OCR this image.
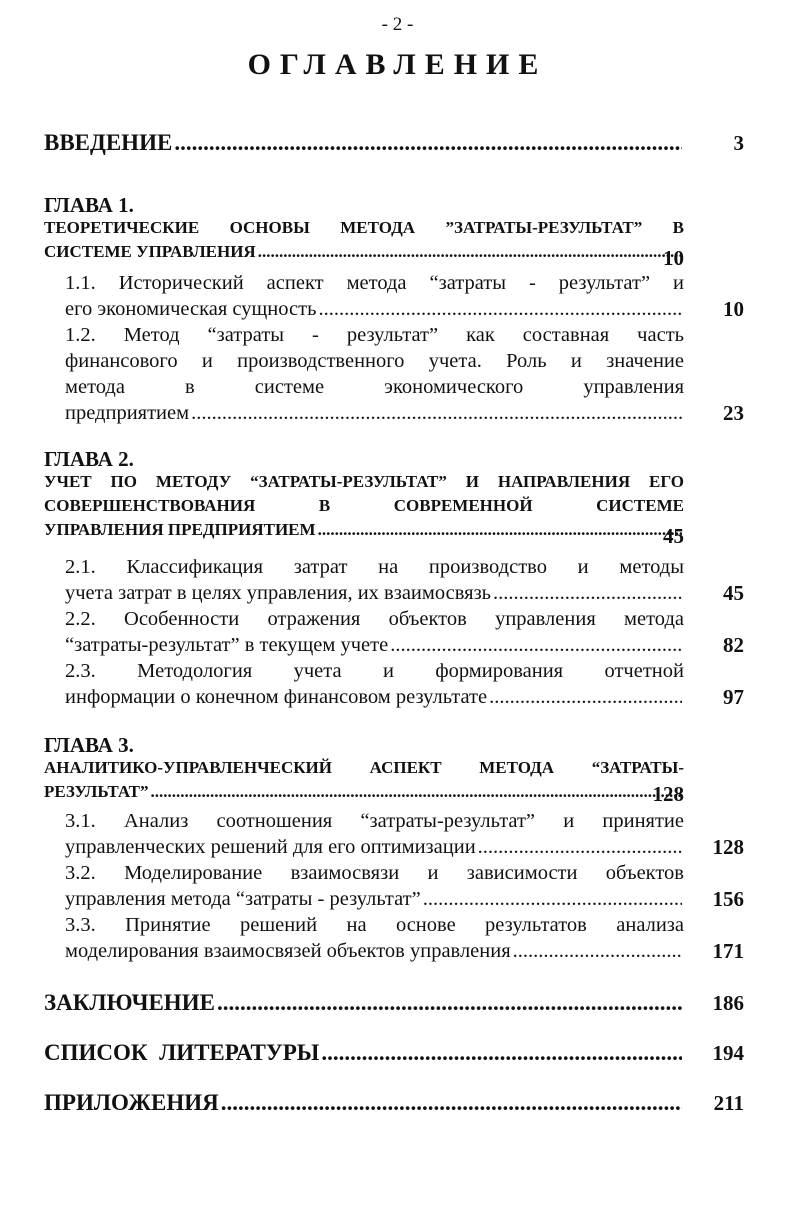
- 2 -
ОГЛАВЛЕНИЕ
ВВЕДЕНИЕ .....	3
ГЛАВА 1.
ТЕОРЕТИЧЕСКИЕ ОСНОВЫ МЕТОДА ”ЗАТРАТЫ-РЕЗУЛЬТАТ” В
СИСТЕМЕ УПРАВЛЕНИЯ .....	10
1.1. Исторический аспект метода “затраты - результат” и
его экономическая сущность .....	10
1.2. Метод “затраты - результат” как составная часть
финансового и производственного учета. Роль и значение
метода в системе экономического управления
предприятием .....	23
ГЛАВА 2.
УЧЕТ ПО МЕТОДУ “ЗАТРАТЫ-РЕЗУЛЬТАТ” И НАПРАВЛЕНИЯ ЕГО
СОВЕРШЕНСТВОВАНИЯ В СОВРЕМЕННОЙ СИСТЕМЕ
УПРАВЛЕНИЯ ПРЕДПРИЯТИЕМ .....	45
2.1. Классификация затрат на производство и методы
учета затрат в целях управления, их взаимосвязь .....	45
2.2. Особенности отражения объектов управления метода
“затраты-результат” в текущем учете .....	82
2.3. Методология учета и формирования отчетной
информации о конечном финансовом результате .....	97
ГЛАВА 3.
АНАЛИТИКО-УПРАВЛЕНЧЕСКИЙ АСПЕКТ МЕТОДА “ЗАТРАТЫ-
РЕЗУЛЬТАТ” .....	128
3.1. Анализ соотношения “затраты-результат” и принятие
управленческих решений для его оптимизации .....	128
3.2. Моделирование взаимосвязи и зависимости объектов
управления метода “затраты - результат” .....	156
3.3. Принятие решений на основе результатов анализа
моделирования взаимосвязей объектов управления .....	171
ЗАКЛЮЧЕНИЕ .....	186
СПИСОК  ЛИТЕРАТУРЫ .....	194
ПРИЛОЖЕНИЯ .....	211
